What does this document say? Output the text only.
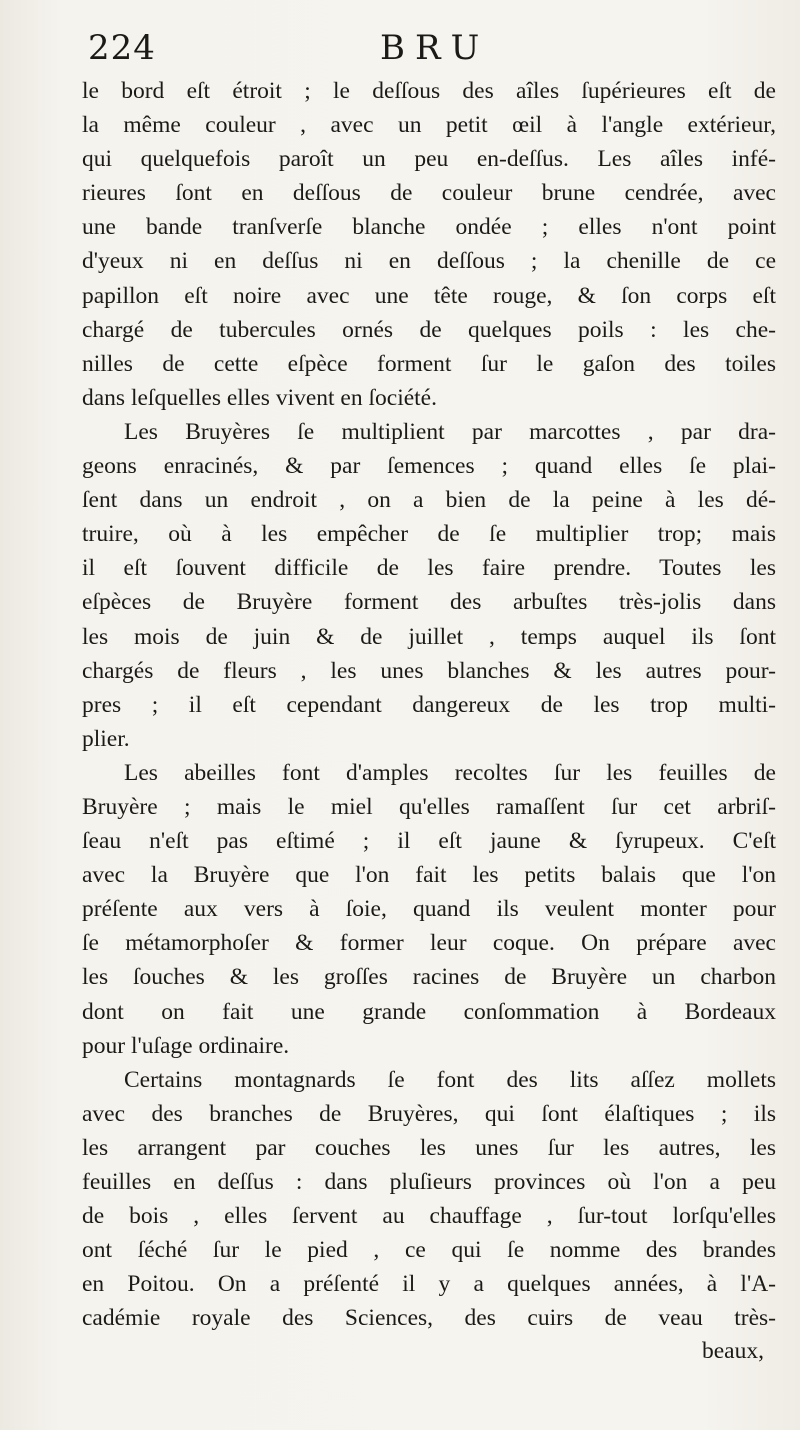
224	BRU
le bord eſt étroit ; le deſſous des aîles ſupérieures eſt de
la même couleur , avec un petit œil à l'angle extérieur,
qui quelquefois paroît un peu en-deſſus. Les aîles infé-
rieures ſont en deſſous de couleur brune cendrée, avec
une bande tranſverſe blanche ondée ; elles n'ont point
d'yeux ni en deſſus ni en deſſous ; la chenille de ce
papillon eſt noire avec une tête rouge, & ſon corps eſt
chargé de tubercules ornés de quelques poils : les che-
nilles de cette eſpèce forment ſur le gaſon des toiles
dans leſquelles elles vivent en ſociété.
Les Bruyères ſe multiplient par marcottes , par dra-
geons enracinés, & par ſemences ; quand elles ſe plai-
ſent dans un endroit , on a bien de la peine à les dé-
truire, où à les empêcher de ſe multiplier trop; mais
il eſt ſouvent difficile de les faire prendre. Toutes les
eſpèces de Bruyère forment des arbuſtes très-jolis dans
les mois de juin & de juillet , temps auquel ils ſont
chargés de fleurs , les unes blanches & les autres pour-
pres ; il eſt cependant dangereux de les trop multi-
plier.
Les abeilles font d'amples recoltes ſur les feuilles de
Bruyère ; mais le miel qu'elles ramaſſent ſur cet arbriſ-
ſeau n'eſt pas eſtimé ; il eſt jaune & ſyrupeux. C'eſt
avec la Bruyère que l'on fait les petits balais que l'on
préſente aux vers à ſoie, quand ils veulent monter pour
ſe métamorphoſer & former leur coque. On prépare avec
les ſouches & les groſſes racines de Bruyère un charbon
dont on fait une grande conſommation à Bordeaux
pour l'uſage ordinaire.
Certains montagnards ſe font des lits aſſez mollets
avec des branches de Bruyères, qui ſont élaſtiques ; ils
les arrangent par couches les unes ſur les autres, les
feuilles en deſſus : dans pluſieurs provinces où l'on a peu
de bois , elles ſervent au chauffage , ſur-tout lorſqu'elles
ont ſéché ſur le pied , ce qui ſe nomme des brandes
en Poitou. On a préſenté il y a quelques années, à l'A-
cadémie royale des Sciences, des cuirs de veau très-
beaux,
